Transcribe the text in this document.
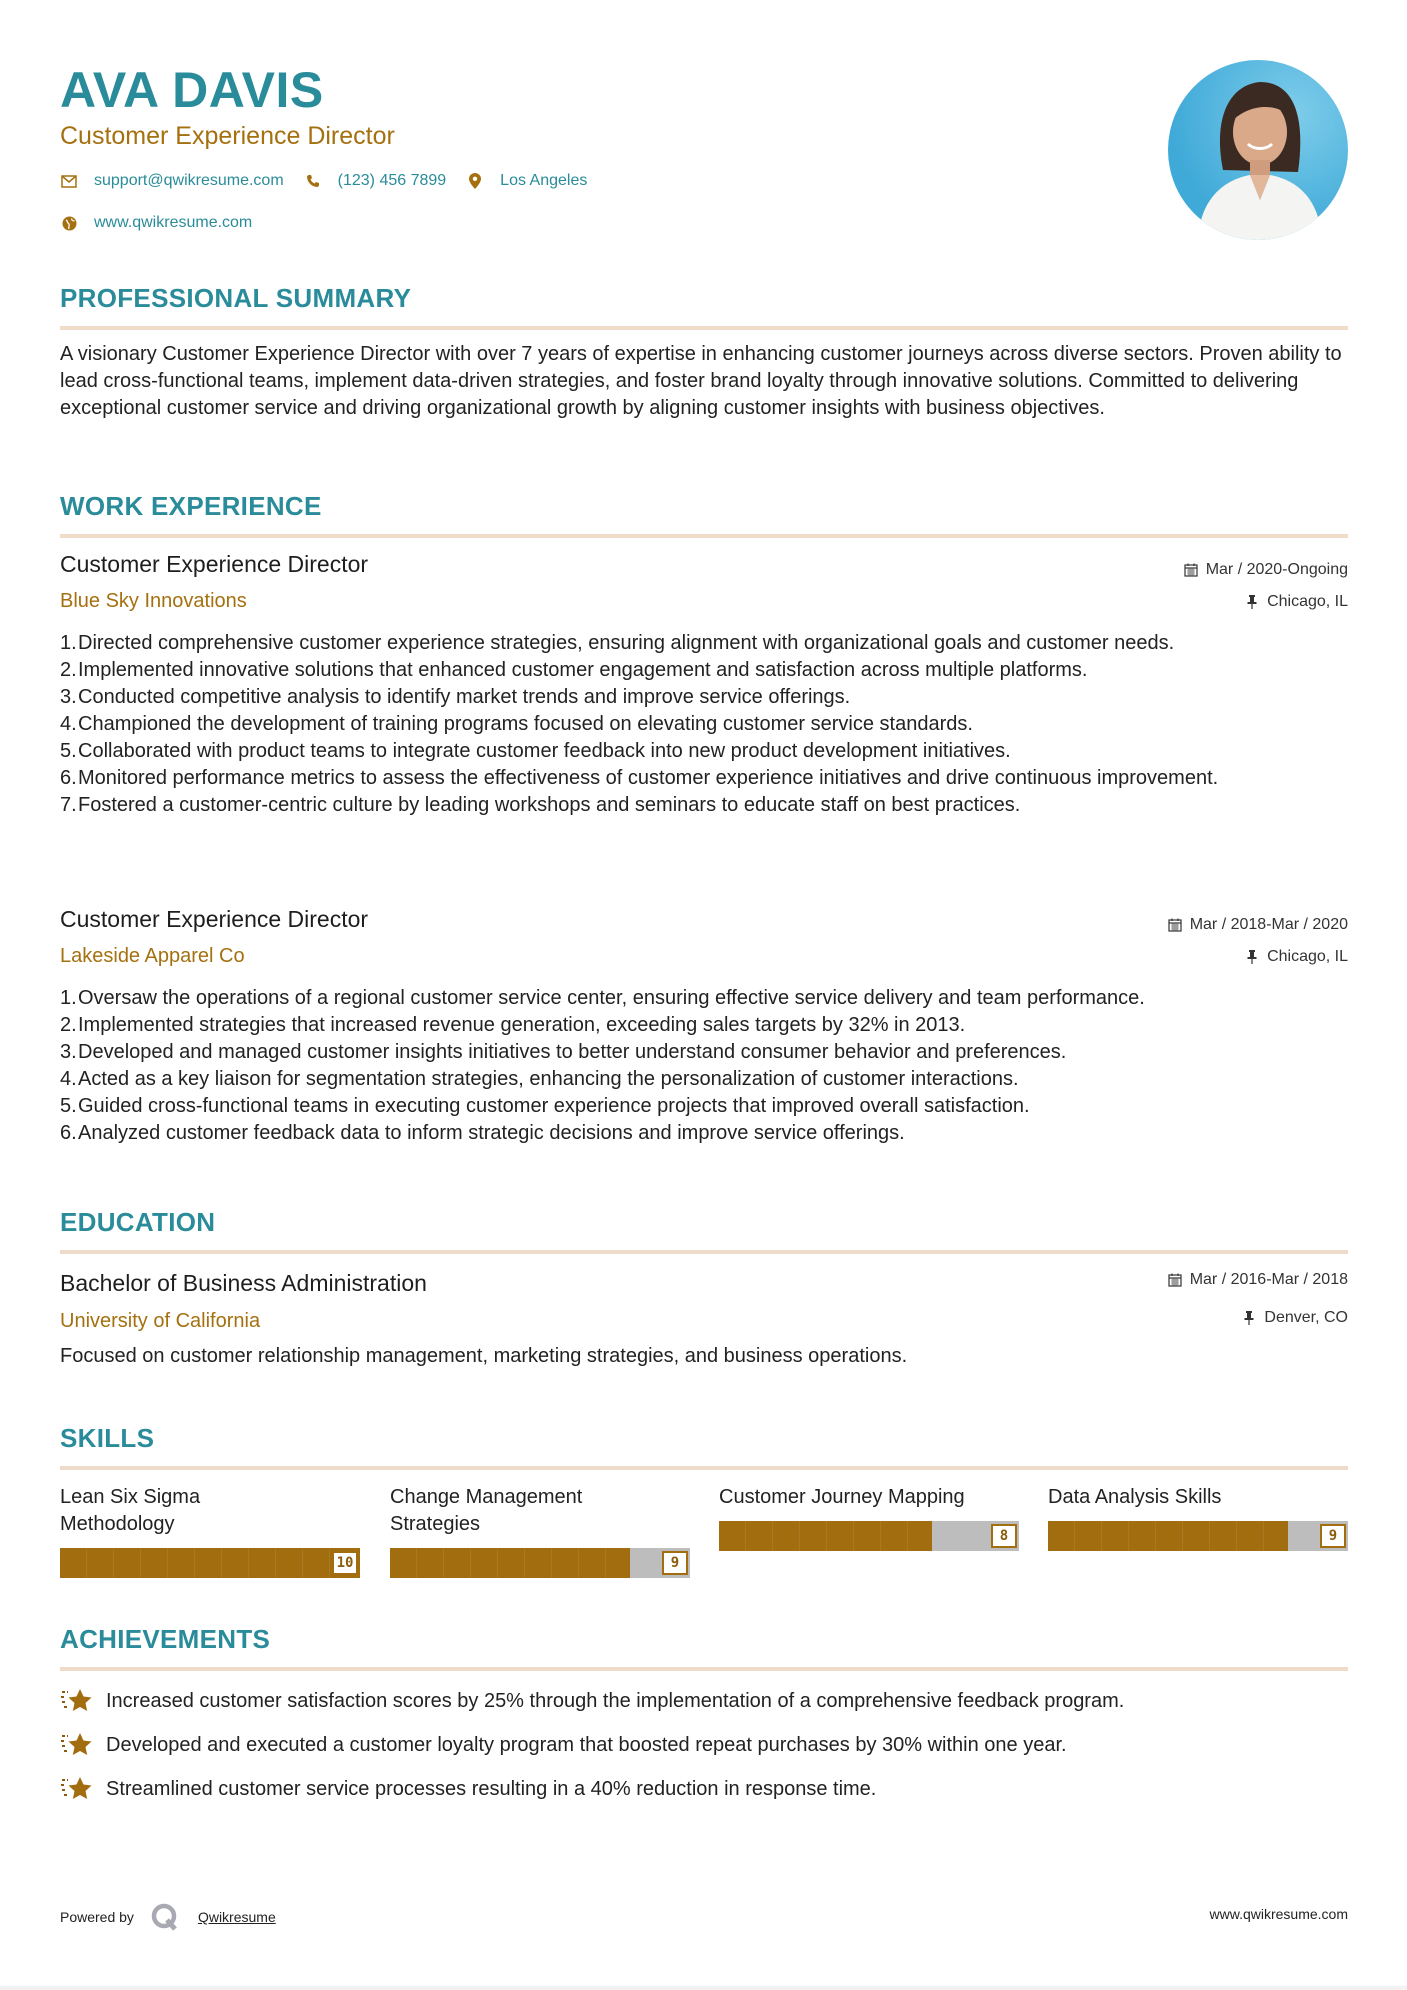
AVA DAVIS
Customer Experience Director
support@qwikresume.com	(123) 456 7899	Los Angeles
www.qwikresume.com
PROFESSIONAL SUMMARY

A visionary Customer Experience Director with over 7 years of expertise in enhancing customer journeys across diverse sectors. Proven ability to lead cross-functional teams, implement data-driven strategies, and foster brand loyalty through innovative solutions. Committed to delivering exceptional customer service and driving organizational growth by aligning customer insights with business objectives.

WORK EXPERIENCE
Customer Experience Director	Mar / 2020-Ongoing
Blue Sky Innovations	Chicago, IL
1. Directed comprehensive customer experience strategies, ensuring alignment with organizational goals and customer needs.
2. Implemented innovative solutions that enhanced customer engagement and satisfaction across multiple platforms.
3. Conducted competitive analysis to identify market trends and improve service offerings.
4. Championed the development of training programs focused on elevating customer service standards.
5. Collaborated with product teams to integrate customer feedback into new product development initiatives.
6. Monitored performance metrics to assess the effectiveness of customer experience initiatives and drive continuous improvement.
7. Fostered a customer-centric culture by leading workshops and seminars to educate staff on best practices.
Customer Experience Director	Mar / 2018-Mar / 2020
Lakeside Apparel Co	Chicago, IL
1. Oversaw the operations of a regional customer service center, ensuring effective service delivery and team performance.
2. Implemented strategies that increased revenue generation, exceeding sales targets by 32% in 2013.
3. Developed and managed customer insights initiatives to better understand consumer behavior and preferences.
4. Acted as a key liaison for segmentation strategies, enhancing the personalization of customer interactions.
5. Guided cross-functional teams in executing customer experience projects that improved overall satisfaction.
6. Analyzed customer feedback data to inform strategic decisions and improve service offerings.
EDUCATION
Bachelor of Business Administration	Mar / 2016-Mar / 2018
University of California	Denver, CO

Focused on customer relationship management, marketing strategies, and business operations.

SKILLS
Lean Six Sigma Methodology
10
Change Management Strategies
9
Customer Journey Mapping
8
Data Analysis Skills
9
ACHIEVEMENTS
Increased customer satisfaction scores by 25% through the implementation of a comprehensive feedback program.
Developed and executed a customer loyalty program that boosted repeat purchases by 30% within one year.
Streamlined customer service processes resulting in a 40% reduction in response time.
Powered by	Qwikresume	www.qwikresume.com
